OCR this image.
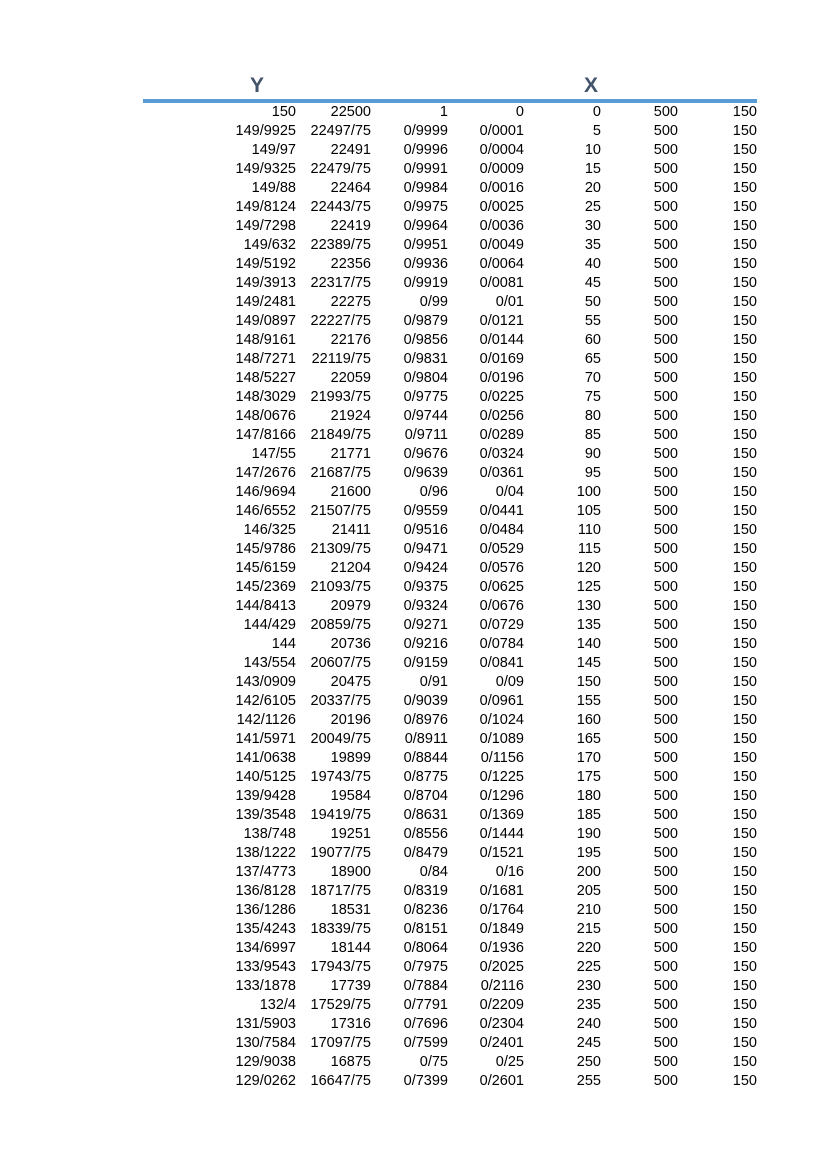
Y	X
150	22500	1	0	0	500	150
149/9925	22497/75	0/9999	0/0001	5	500	150
149/97	22491	0/9996	0/0004	10	500	150
149/9325	22479/75	0/9991	0/0009	15	500	150
149/88	22464	0/9984	0/0016	20	500	150
149/8124	22443/75	0/9975	0/0025	25	500	150
149/7298	22419	0/9964	0/0036	30	500	150
149/632	22389/75	0/9951	0/0049	35	500	150
149/5192	22356	0/9936	0/0064	40	500	150
149/3913	22317/75	0/9919	0/0081	45	500	150
149/2481	22275	0/99	0/01	50	500	150
149/0897	22227/75	0/9879	0/0121	55	500	150
148/9161	22176	0/9856	0/0144	60	500	150
148/7271	22119/75	0/9831	0/0169	65	500	150
148/5227	22059	0/9804	0/0196	70	500	150
148/3029	21993/75	0/9775	0/0225	75	500	150
148/0676	21924	0/9744	0/0256	80	500	150
147/8166	21849/75	0/9711	0/0289	85	500	150
147/55	21771	0/9676	0/0324	90	500	150
147/2676	21687/75	0/9639	0/0361	95	500	150
146/9694	21600	0/96	0/04	100	500	150
146/6552	21507/75	0/9559	0/0441	105	500	150
146/325	21411	0/9516	0/0484	110	500	150
145/9786	21309/75	0/9471	0/0529	115	500	150
145/6159	21204	0/9424	0/0576	120	500	150
145/2369	21093/75	0/9375	0/0625	125	500	150
144/8413	20979	0/9324	0/0676	130	500	150
144/429	20859/75	0/9271	0/0729	135	500	150
144	20736	0/9216	0/0784	140	500	150
143/554	20607/75	0/9159	0/0841	145	500	150
143/0909	20475	0/91	0/09	150	500	150
142/6105	20337/75	0/9039	0/0961	155	500	150
142/1126	20196	0/8976	0/1024	160	500	150
141/5971	20049/75	0/8911	0/1089	165	500	150
141/0638	19899	0/8844	0/1156	170	500	150
140/5125	19743/75	0/8775	0/1225	175	500	150
139/9428	19584	0/8704	0/1296	180	500	150
139/3548	19419/75	0/8631	0/1369	185	500	150
138/748	19251	0/8556	0/1444	190	500	150
138/1222	19077/75	0/8479	0/1521	195	500	150
137/4773	18900	0/84	0/16	200	500	150
136/8128	18717/75	0/8319	0/1681	205	500	150
136/1286	18531	0/8236	0/1764	210	500	150
135/4243	18339/75	0/8151	0/1849	215	500	150
134/6997	18144	0/8064	0/1936	220	500	150
133/9543	17943/75	0/7975	0/2025	225	500	150
133/1878	17739	0/7884	0/2116	230	500	150
132/4	17529/75	0/7791	0/2209	235	500	150
131/5903	17316	0/7696	0/2304	240	500	150
130/7584	17097/75	0/7599	0/2401	245	500	150
129/9038	16875	0/75	0/25	250	500	150
129/0262	16647/75	0/7399	0/2601	255	500	150
